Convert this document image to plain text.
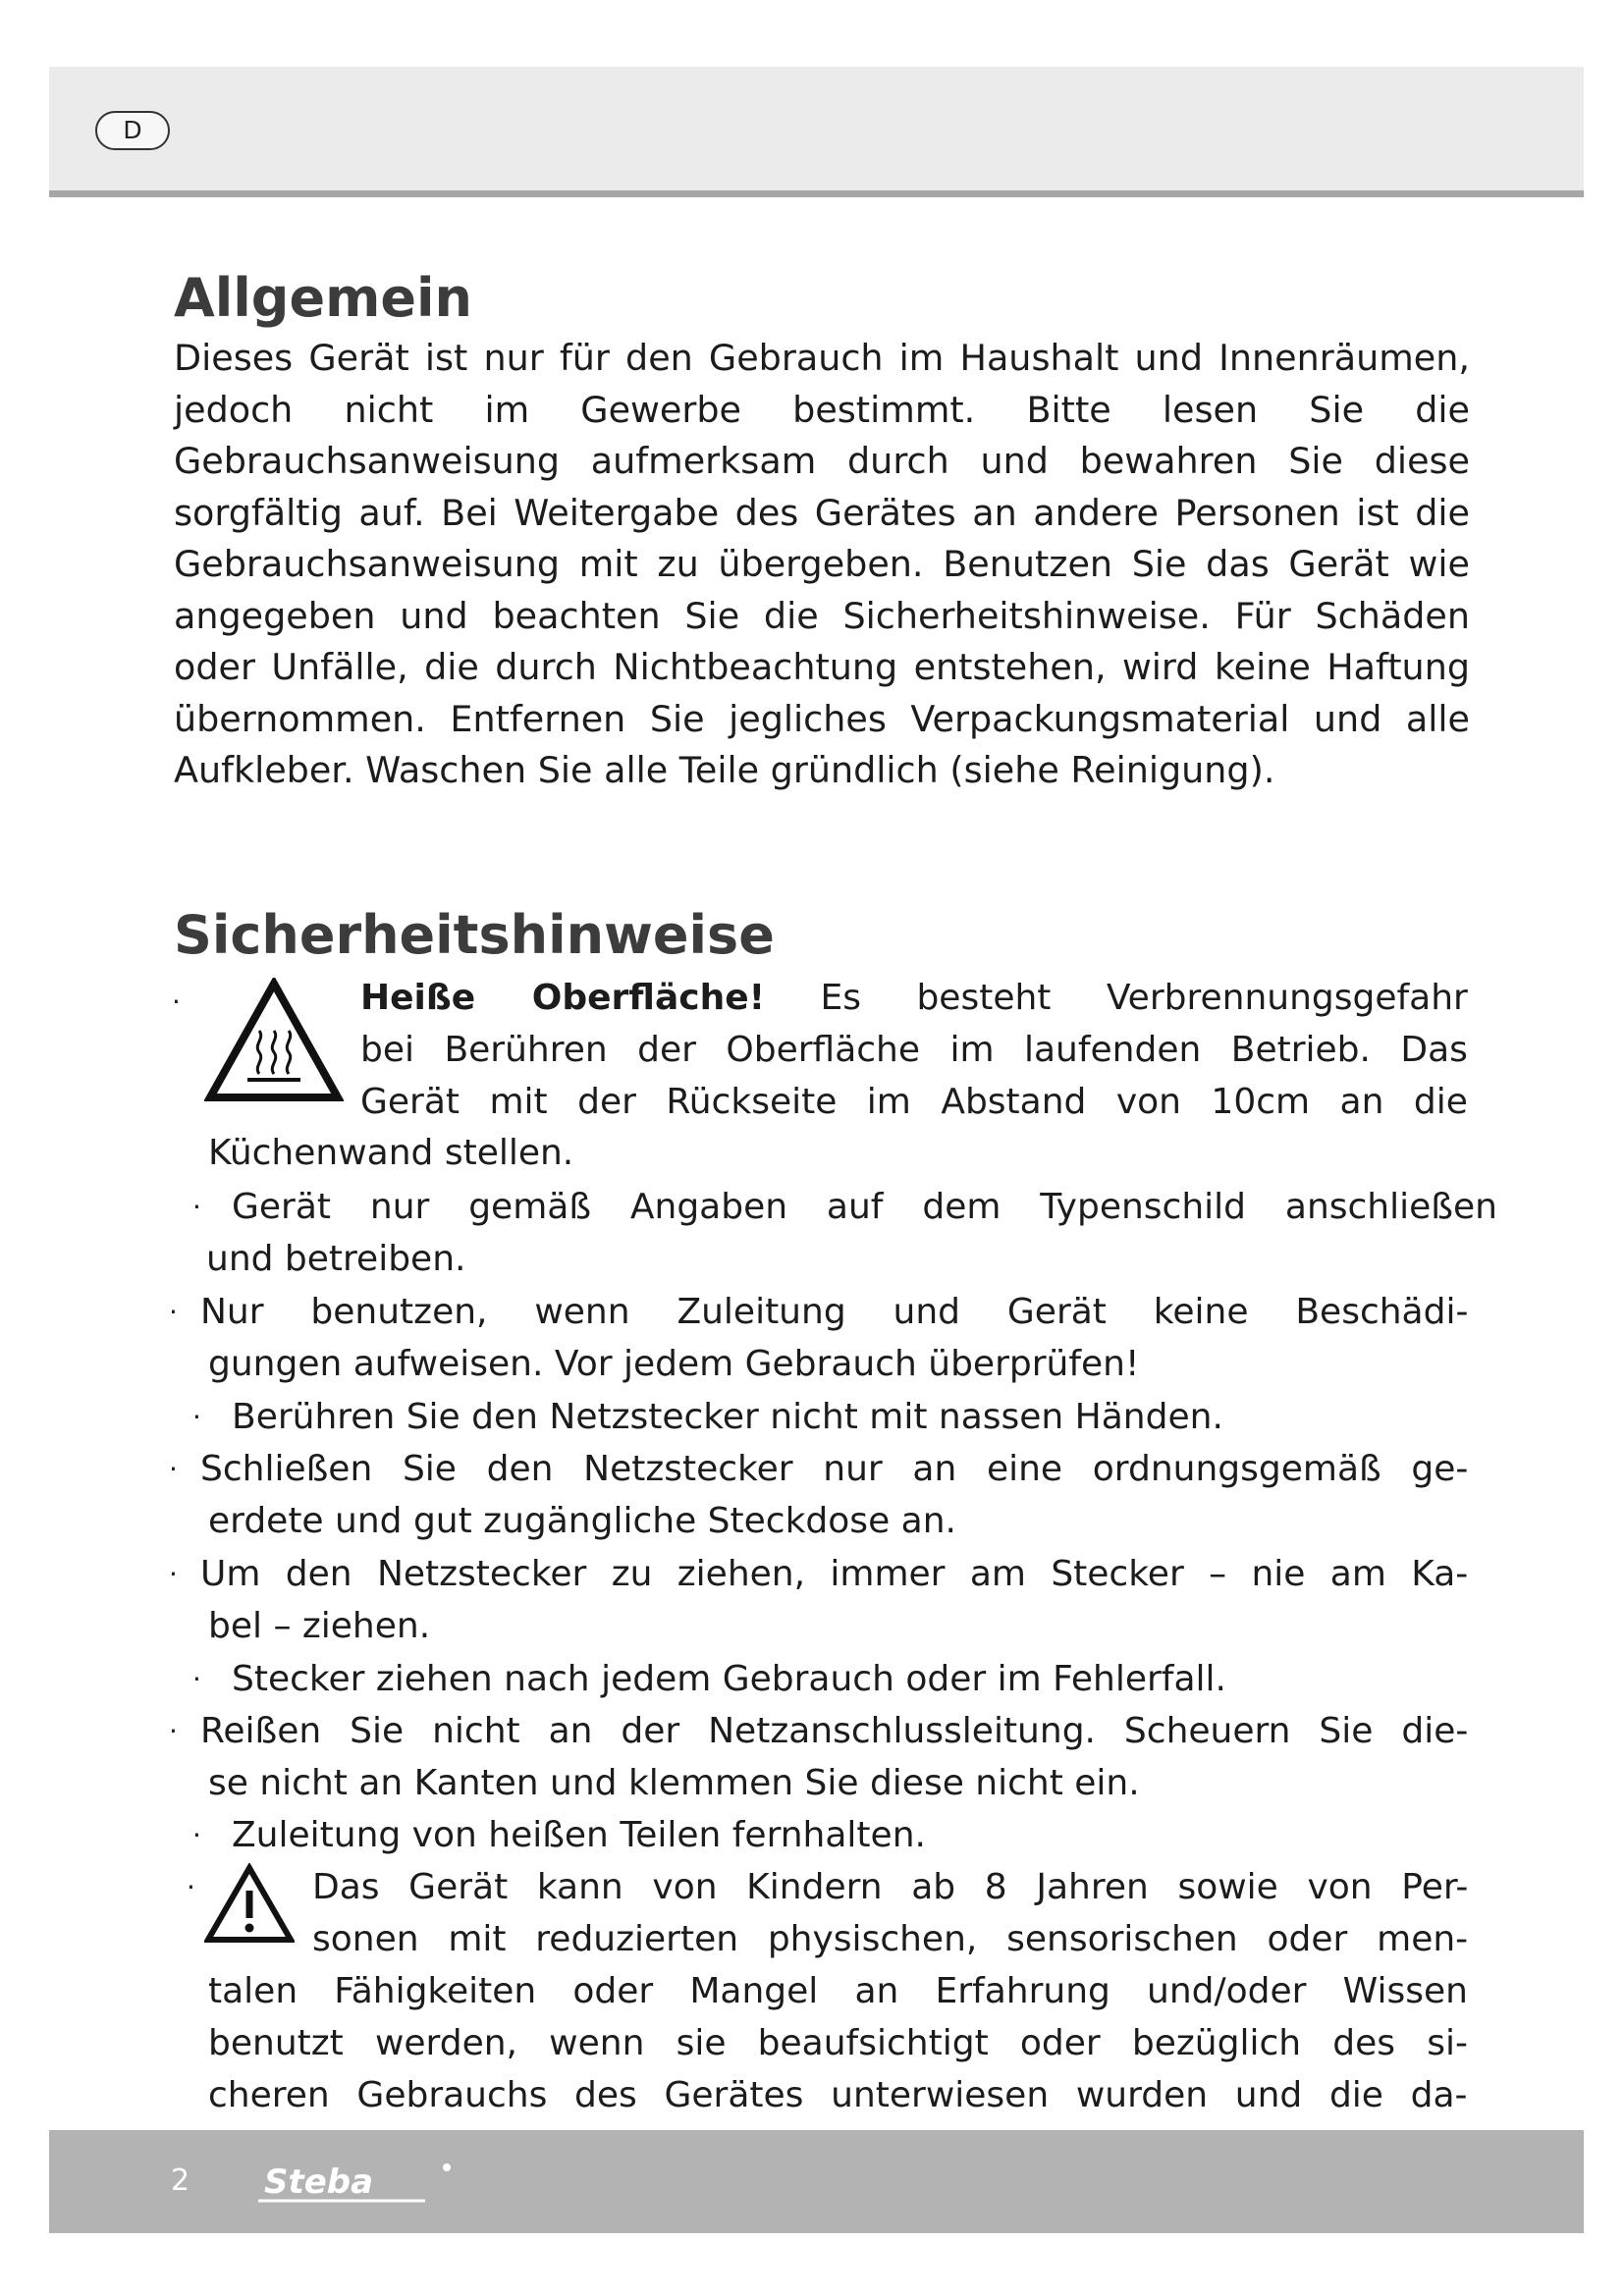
D
Allgemein

Dieses Gerät ist nur für den Gebrauch im Haushalt und Innenräumen, jedoch nicht im Gewerbe bestimmt. Bitte lesen Sie die Gebrauchsanweisung aufmerksam durch und bewahren Sie diese sorgfältig auf. Bei Weitergabe des Gerätes an andere Personen ist die Gebrauchsanweisung mit zu übergeben. Benutzen Sie das Gerät wie angegeben und beachten Sie die Sicherheitshinweise. Für Schäden oder Unfälle, die durch Nichtbeachtung entstehen, wird keine Haftung übernommen. Entfernen Sie jegliches Verpackungsmaterial und alle Aufkleber. Waschen Sie alle Teile gründlich (siehe Reinigung).

Sicherheitshinweise
·	Heiße Oberfläche! Es besteht Verbrennungsgefahr

bei Berühren der Oberfläche im laufenden Betrieb. Das

Gerät mit der Rückseite im Abstand von 10cm an die

Küchenwand stellen.

· Gerät nur gemäß Angaben auf dem Typenschild anschließen

und betreiben.

· Nur benutzen, wenn Zuleitung und Gerät keine Beschädi-

gungen aufweisen. Vor jedem Gebrauch überprüfen!

· Berühren Sie den Netzstecker nicht mit nassen Händen.

· Schließen Sie den Netzstecker nur an eine ordnungsgemäß ge-

erdete und gut zugängliche Steckdose an.

· Um den Netzstecker zu ziehen, immer am Stecker – nie am Ka-

bel – ziehen.

· Stecker ziehen nach jedem Gebrauch oder im Fehlerfall.

· Reißen Sie nicht an der Netzanschlussleitung. Scheuern Sie die-

se nicht an Kanten und klemmen Sie diese nicht ein.

· Zuleitung von heißen Teilen fernhalten.

·	Das Gerät kann von Kindern ab 8 Jahren sowie von Per-

sonen mit reduzierten physischen, sensorischen oder men-

talen Fähigkeiten oder Mangel an Erfahrung und/oder Wissen

benutzt werden, wenn sie beaufsichtigt oder bezüglich des si-

cheren Gebrauchs des Gerätes unterwiesen wurden und die da-

2 Steba
